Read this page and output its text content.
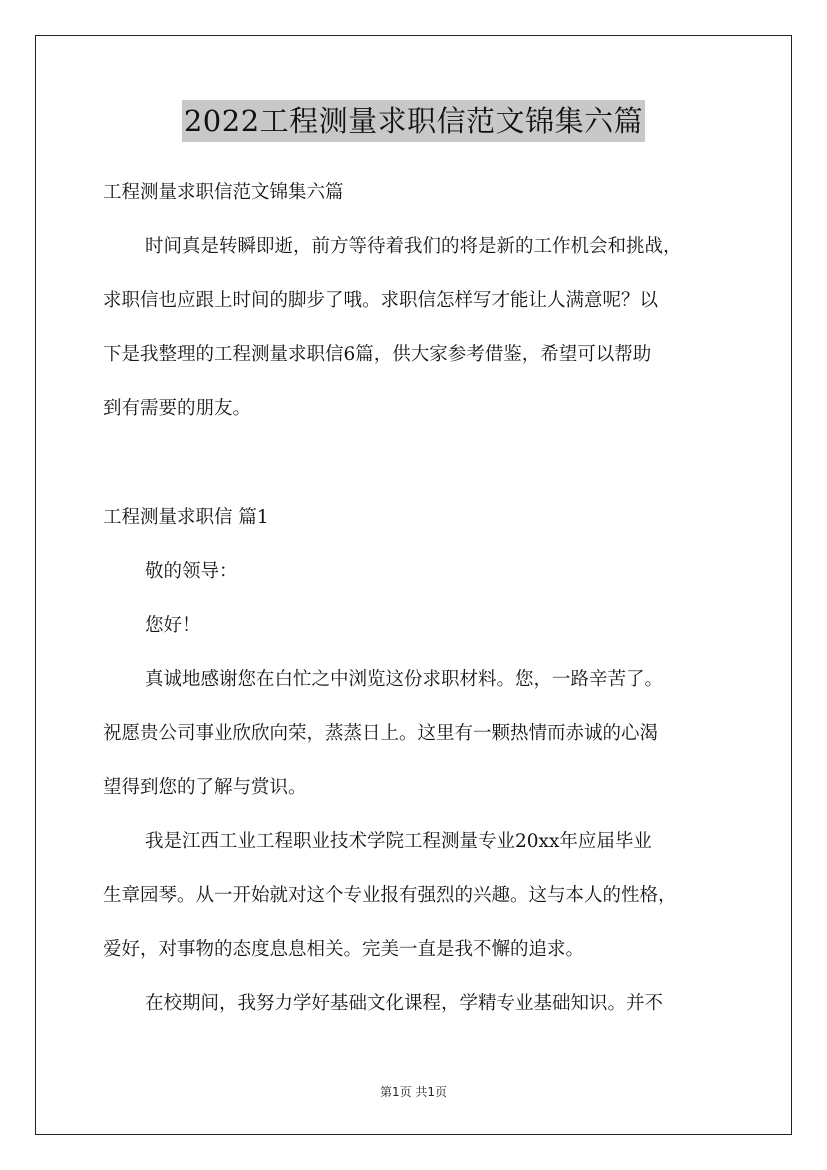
2022工程测量求职信范文锦集六篇
工程测量求职信范文锦集六篇
时间真是转瞬即逝，前方等待着我们的将是新的工作机会和挑战，
求职信也应跟上时间的脚步了哦。求职信怎样写才能让人满意呢？以
下是我整理的工程测量求职信6篇，供大家参考借鉴，希望可以帮助
到有需要的朋友。
工程测量求职信 篇1
敬的领导：
您好！
真诚地感谢您在白忙之中浏览这份求职材料。您，一路辛苦了。
祝愿贵公司事业欣欣向荣，蒸蒸日上。这里有一颗热情而赤诚的心渴
望得到您的了解与赏识。
我是江西工业工程职业技术学院工程测量专业20xx年应届毕业
生章园琴。从一开始就对这个专业报有强烈的兴趣。这与本人的性格，
爱好，对事物的态度息息相关。完美一直是我不懈的追求。
在校期间，我努力学好基础文化课程，学精专业基础知识。并不
第1页 共1页
